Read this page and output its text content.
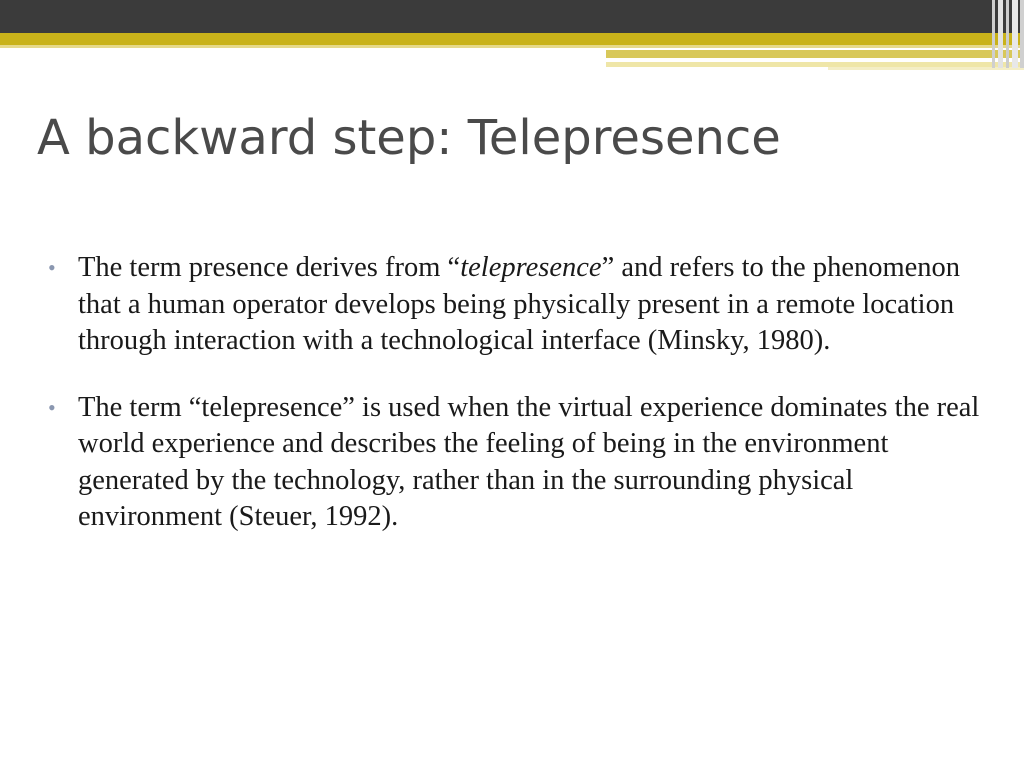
A backward step: Telepresence
• The term presence derives from “telepresence” and refers to the phenomenon that a human operator develops being physically present in a remote location through interaction with a technological interface (Minsky, 1980).
• The term “telepresence” is used when the virtual experience dominates the real world experience and describes the feeling of being in the environment generated by the technology, rather than in the surrounding physical environment (Steuer, 1992).
